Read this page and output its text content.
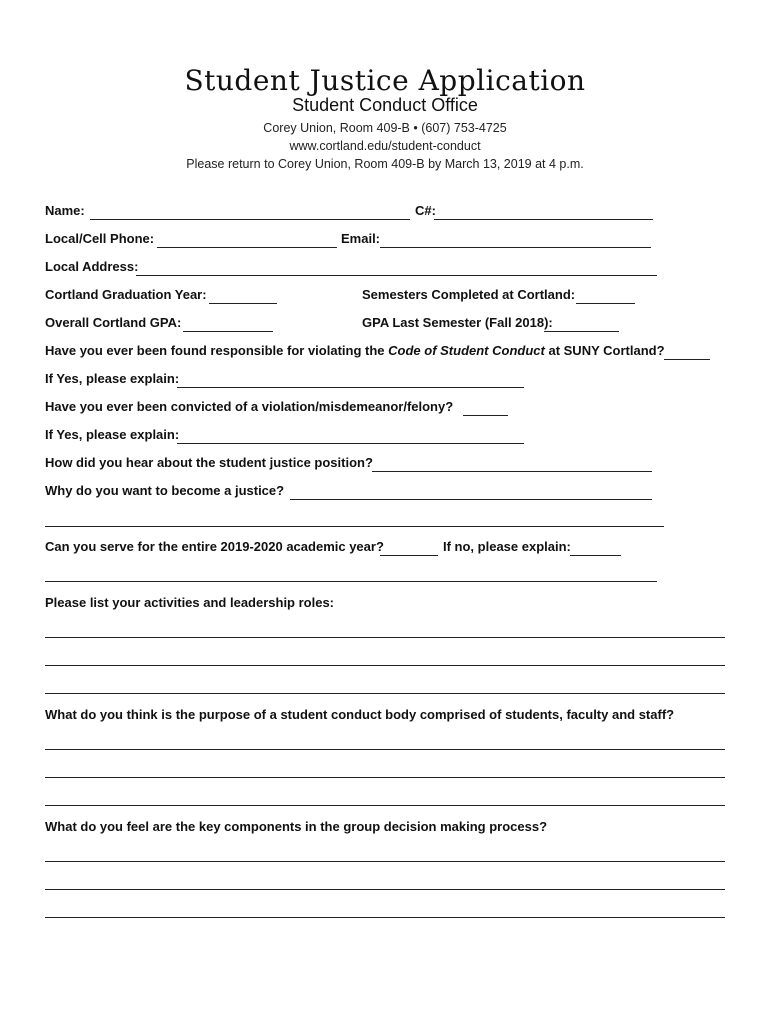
Student Justice Application
Student Conduct Office
Corey Union, Room 409-B • (607) 753-4725
www.cortland.edu/student-conduct
Please return to Corey Union, Room 409-B by March 13, 2019 at 4 p.m.
Name:	C#:
Local/Cell Phone:	Email:
Local Address:
Cortland Graduation Year:	Semesters Completed at Cortland:
Overall Cortland GPA:	GPA Last Semester (Fall 2018):
Have you ever been found responsible for violating the Code of Student Conduct at SUNY Cortland?
If Yes, please explain:
Have you ever been convicted of a violation/misdemeanor/felony?
If Yes, please explain:
How did you hear about the student justice position?
Why do you want to become a justice?
Can you serve for the entire 2019-2020 academic year?	If no, please explain:
Please list your activities and leadership roles:
What do you think is the purpose of a student conduct body comprised of students, faculty and staff?
What do you feel are the key components in the group decision making process?
